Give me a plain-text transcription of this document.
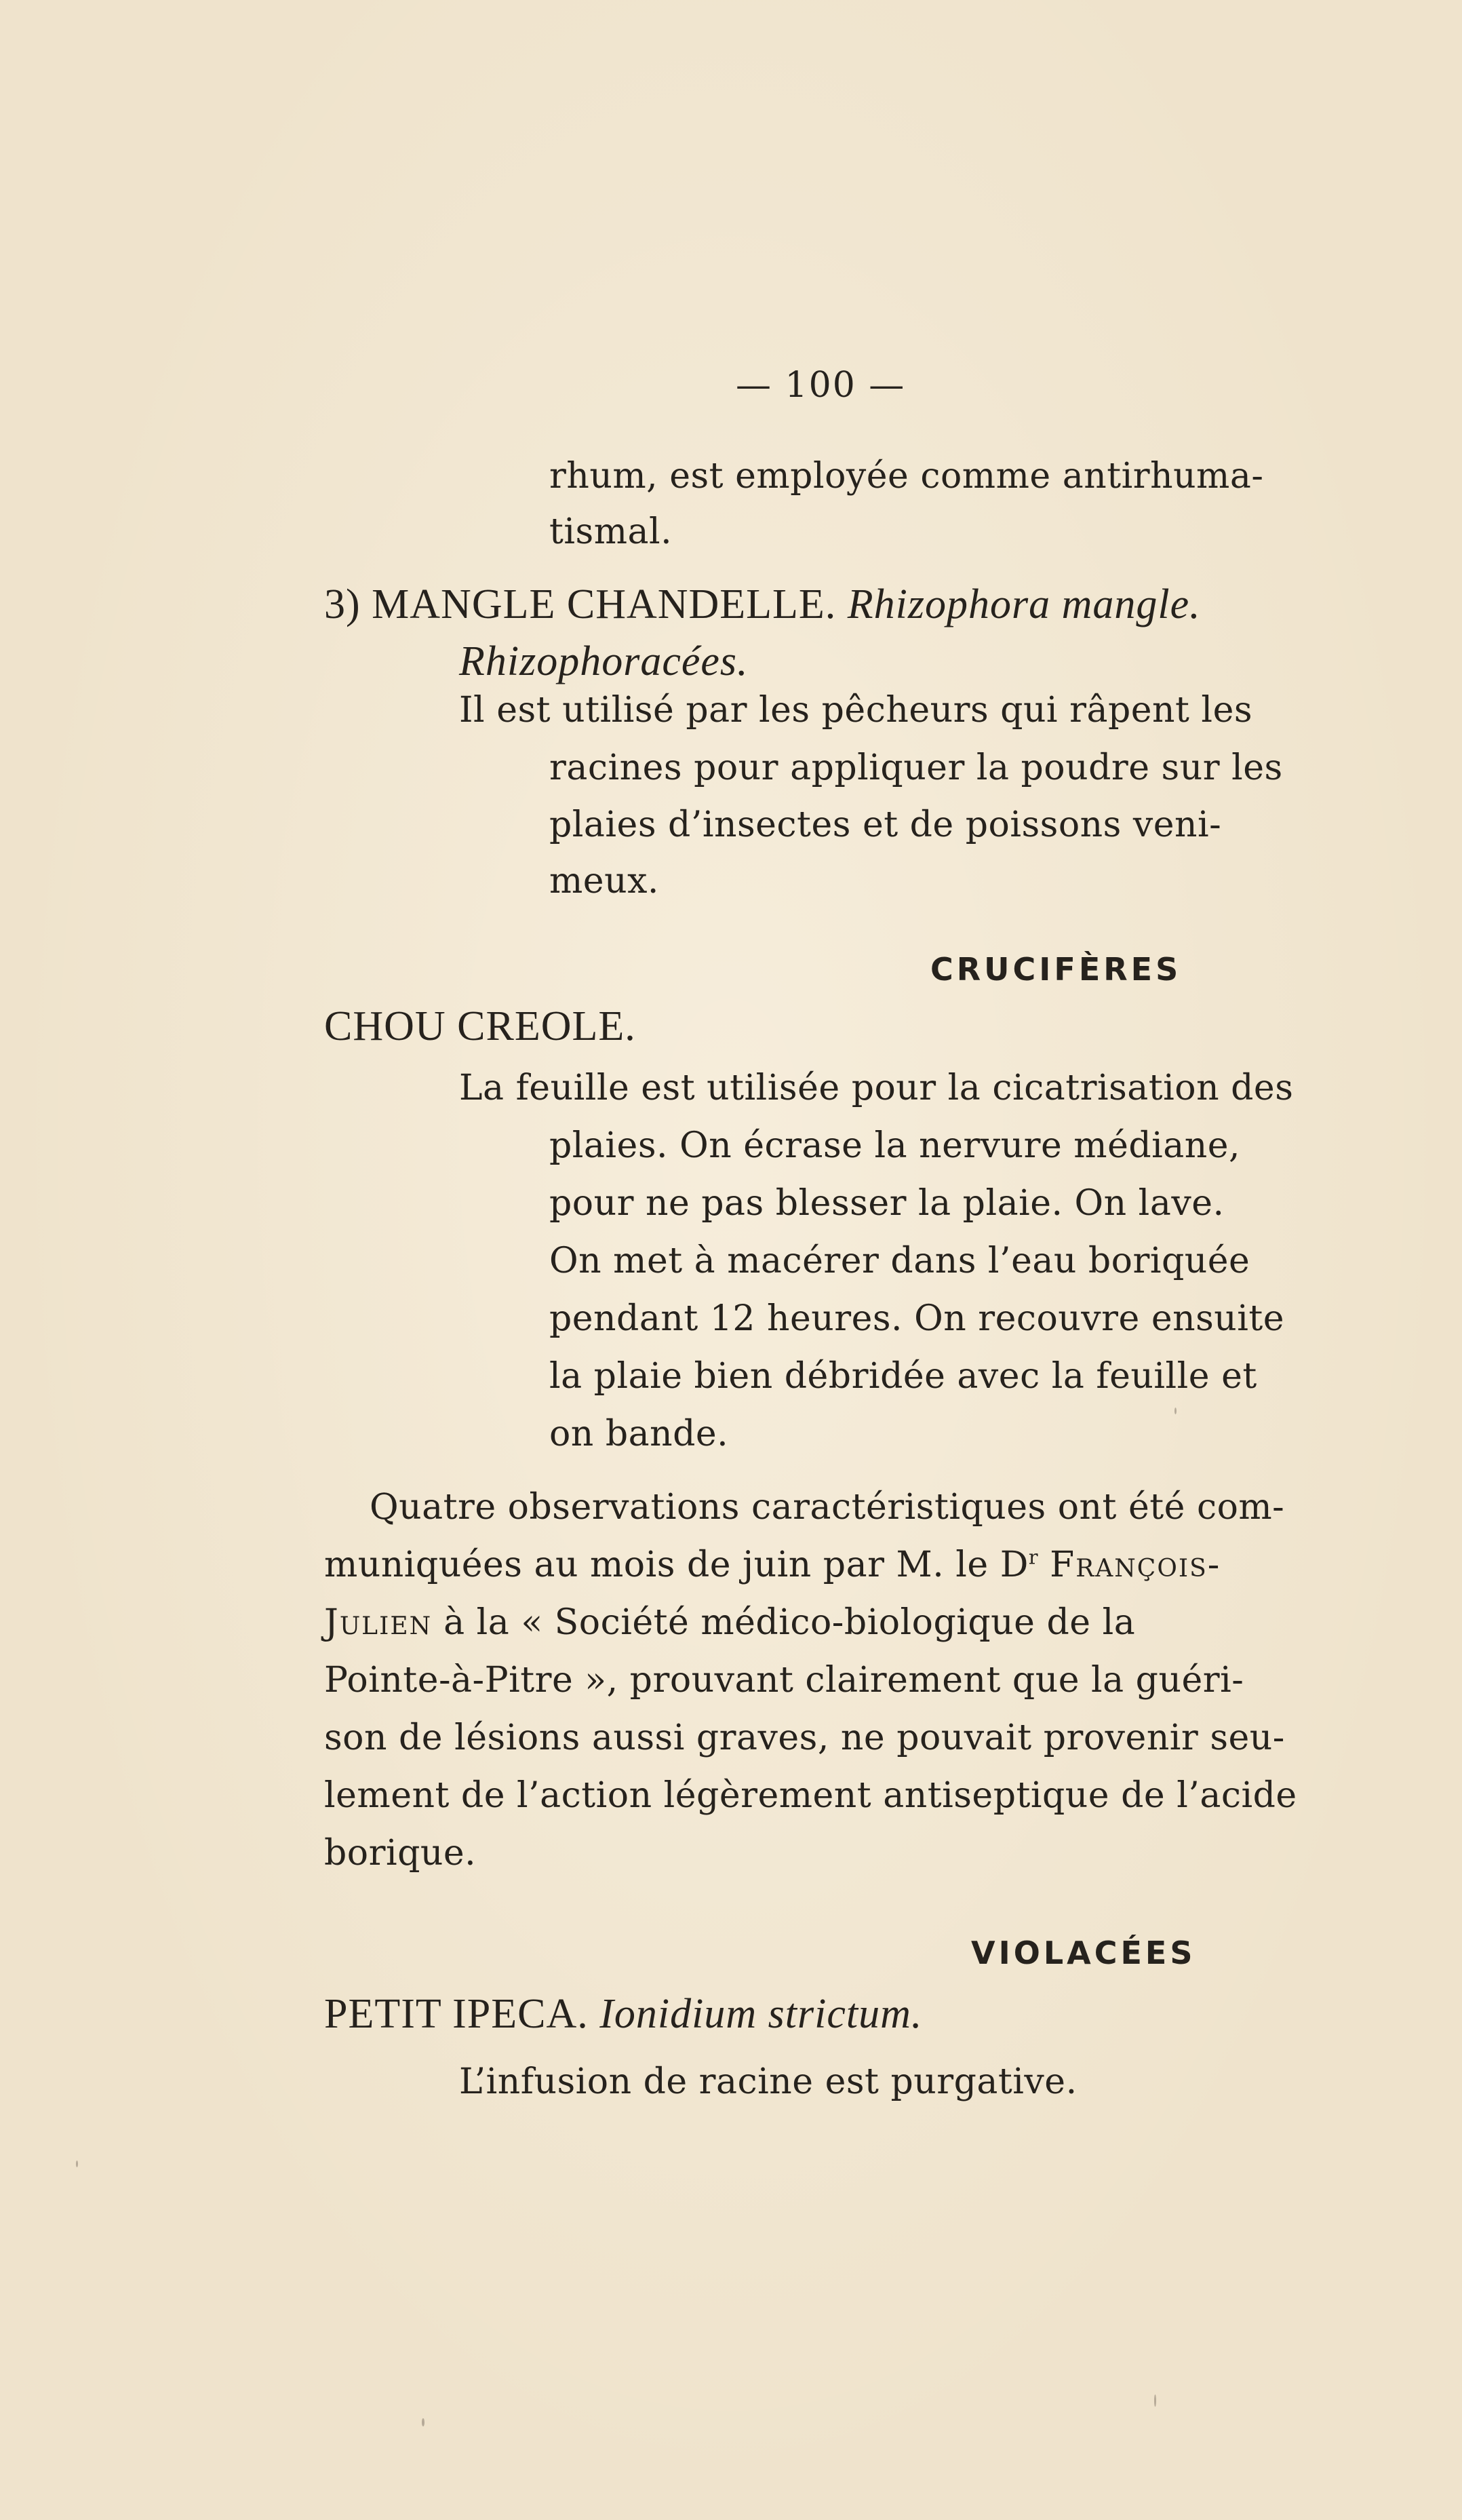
— 100 —
rhum, est employée comme antirhuma-
tismal.
3) MANGLE CHANDELLE. Rhizophora mangle.
Rhizophoracées.
Il est utilisé par les pêcheurs qui râpent les
racines pour appliquer la poudre sur les
plaies d’insectes et de poissons veni-
meux.
CRUCIFÈRES
CHOU CREOLE.
La feuille est utilisée pour la cicatrisation des
plaies. On écrase la nervure médiane,
pour ne pas blesser la plaie. On lave.
On met à macérer dans l’eau boriquée
pendant 12 heures. On recouvre ensuite
la plaie bien débridée avec la feuille et
on bande.
Quatre observations caractéristiques ont été com-
muniquées au mois de juin par M. le $D^r$ François-
Julien à la « Société médico-biologique de la
Pointe-à-Pitre », prouvant clairement que la guéri-
son de lésions aussi graves, ne pouvait provenir seu-
lement de l’action légèrement antiseptique de l’acide
borique.
VIOLACÉES
PETIT IPECA. Ionidium strictum.
L’infusion de racine est purgative.
